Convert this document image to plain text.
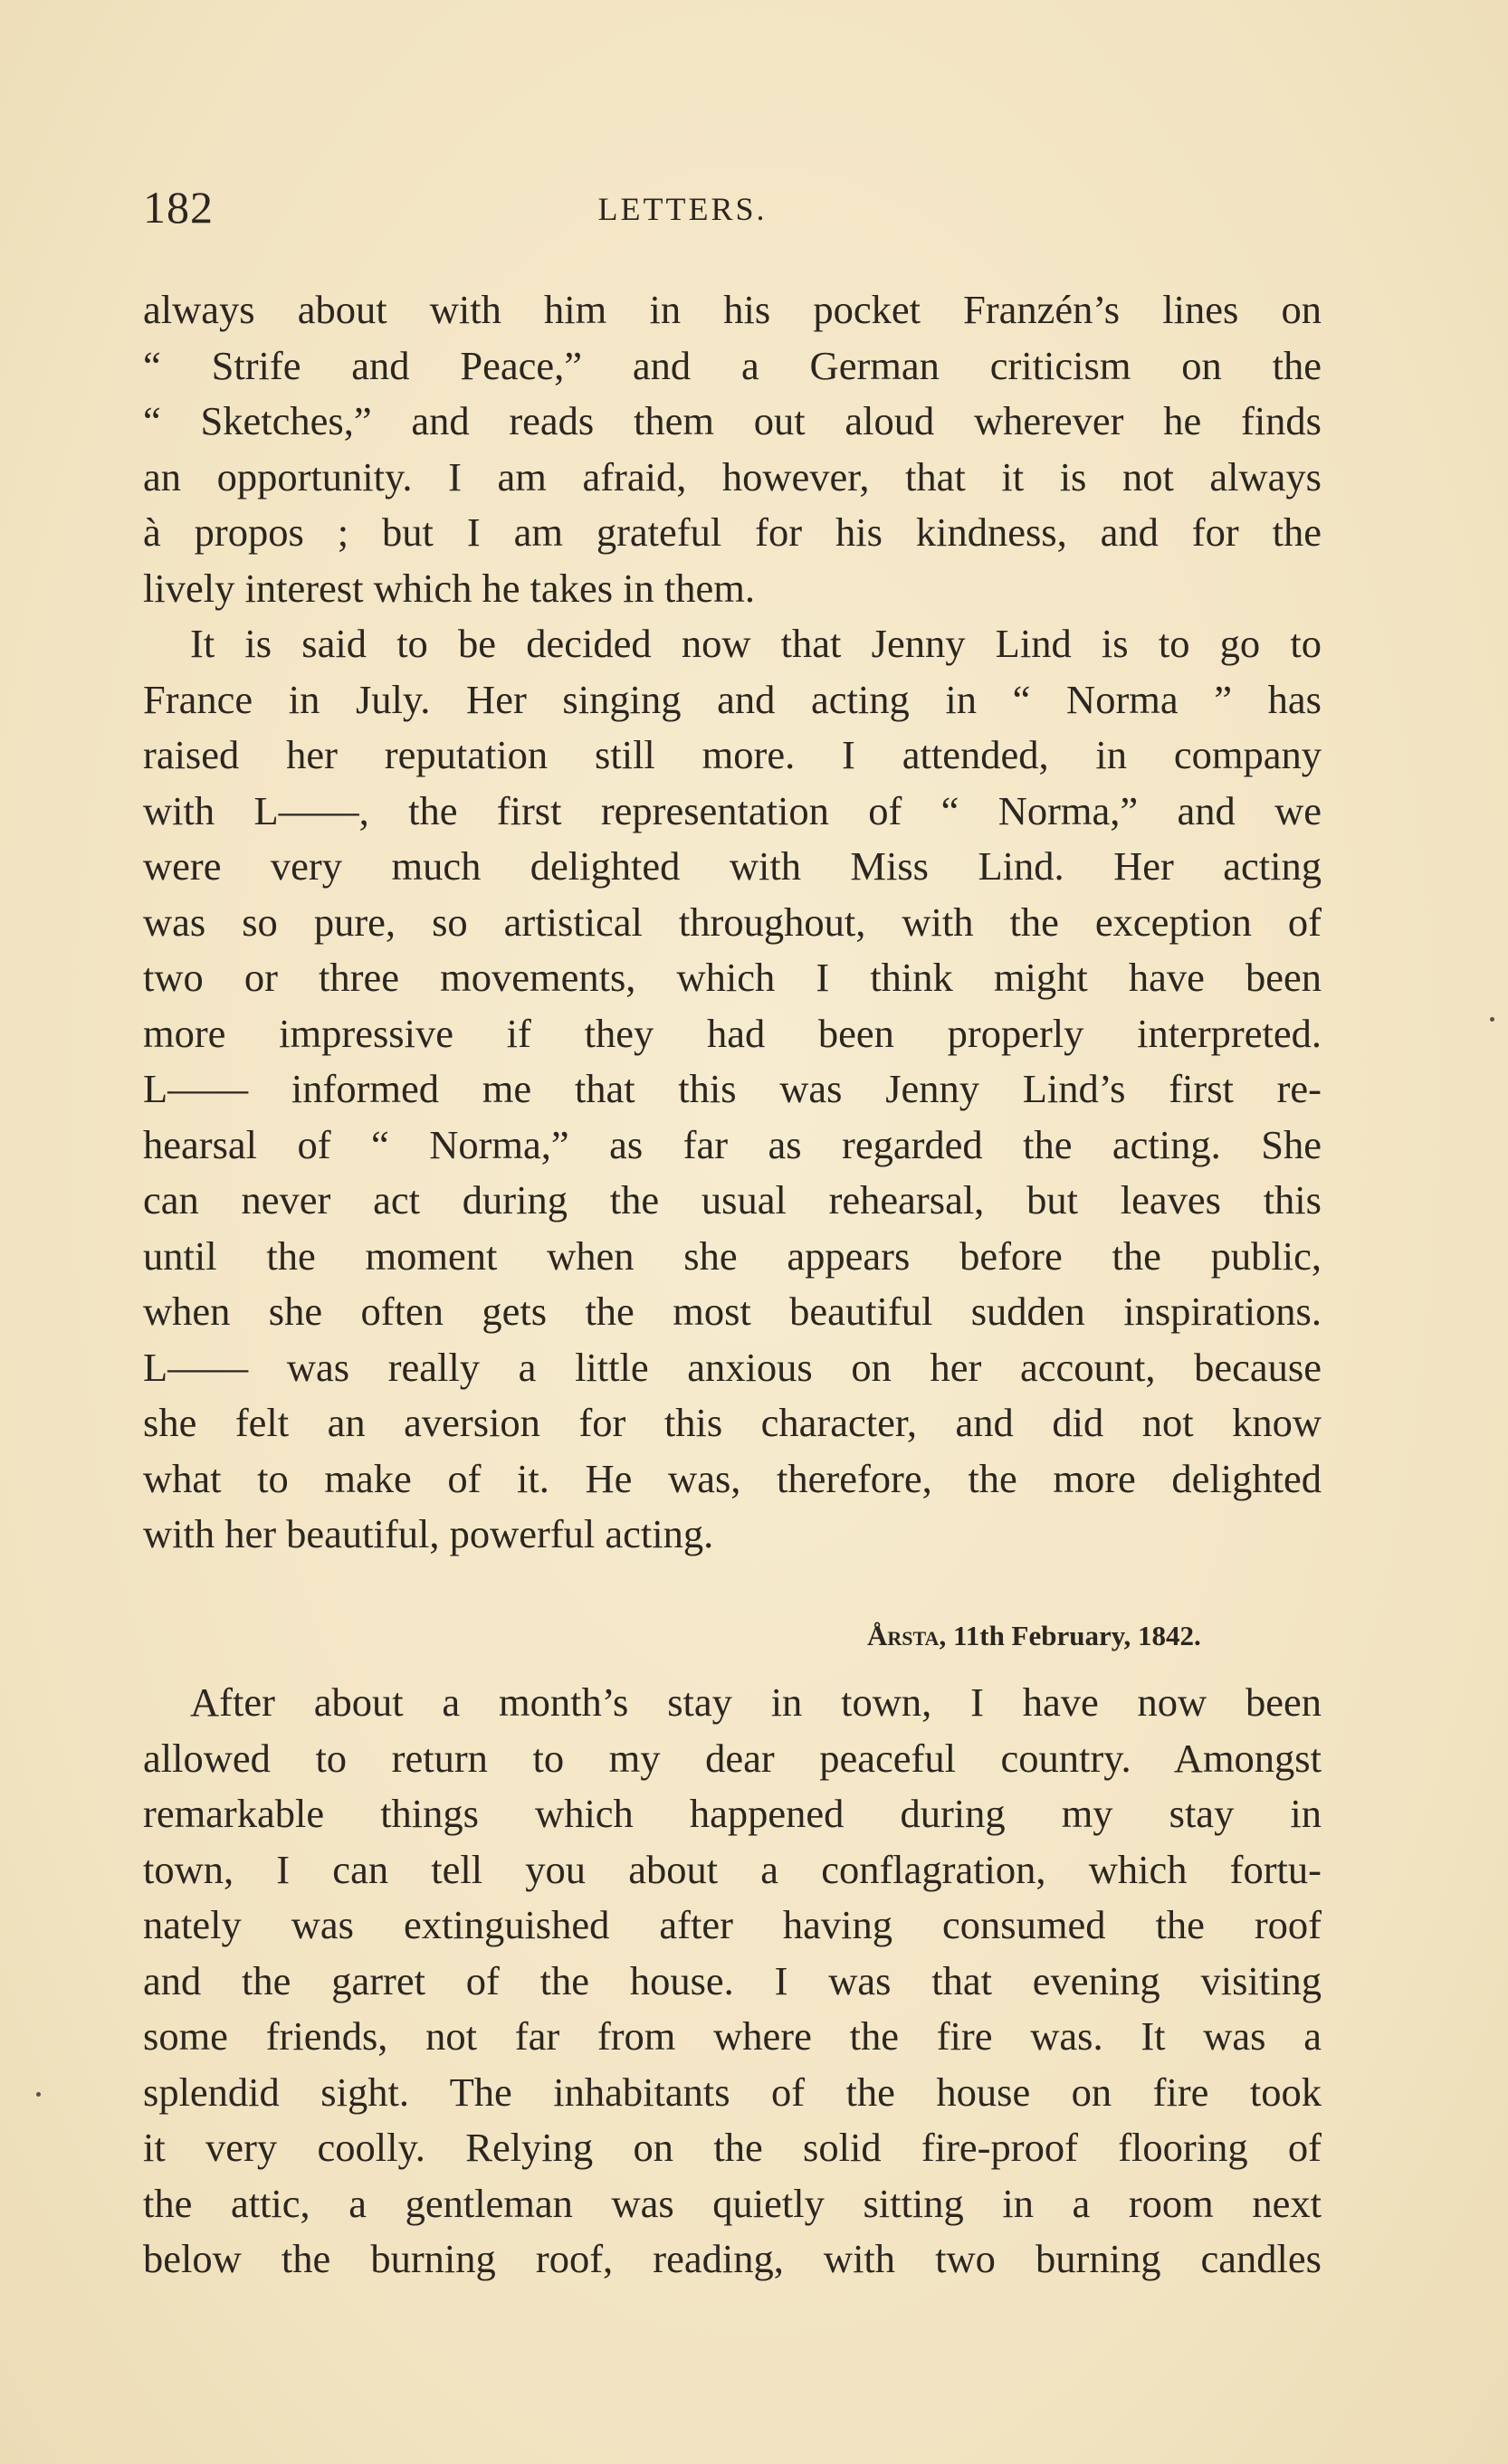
182	LETTERS.
always about with him in his pocket Franzén’s lines on
“ Strife and Peace,” and a German criticism on the
“ Sketches,” and reads them out aloud wherever he finds
an opportunity. I am afraid, however, that it is not always
à propos ; but I am grateful for his kindness, and for the
lively interest which he takes in them.
It is said to be decided now that Jenny Lind is to go to
France in July. Her singing and acting in “ Norma ” has
raised her reputation still more. I attended, in company
with L——, the first representation of “ Norma,” and we
were very much delighted with Miss Lind. Her acting
was so pure, so artistical throughout, with the exception of
two or three movements, which I think might have been
more impressive if they had been properly interpreted.
L—— informed me that this was Jenny Lind’s first re-
hearsal of “ Norma,” as far as regarded the acting. She
can never act during the usual rehearsal, but leaves this
until the moment when she appears before the public,
when she often gets the most beautiful sudden inspirations.
L—— was really a little anxious on her account, because
she felt an aversion for this character, and did not know
what to make of it. He was, therefore, the more delighted
with her beautiful, powerful acting.
Årsta, 11th February, 1842.
After about a month’s stay in town, I have now been
allowed to return to my dear peaceful country. Amongst
remarkable things which happened during my stay in
town, I can tell you about a conflagration, which fortu-
nately was extinguished after having consumed the roof
and the garret of the house. I was that evening visiting
some friends, not far from where the fire was. It was a
splendid sight. The inhabitants of the house on fire took
it very coolly. Relying on the solid fire-proof flooring of
the attic, a gentleman was quietly sitting in a room next
below the burning roof, reading, with two burning candles
